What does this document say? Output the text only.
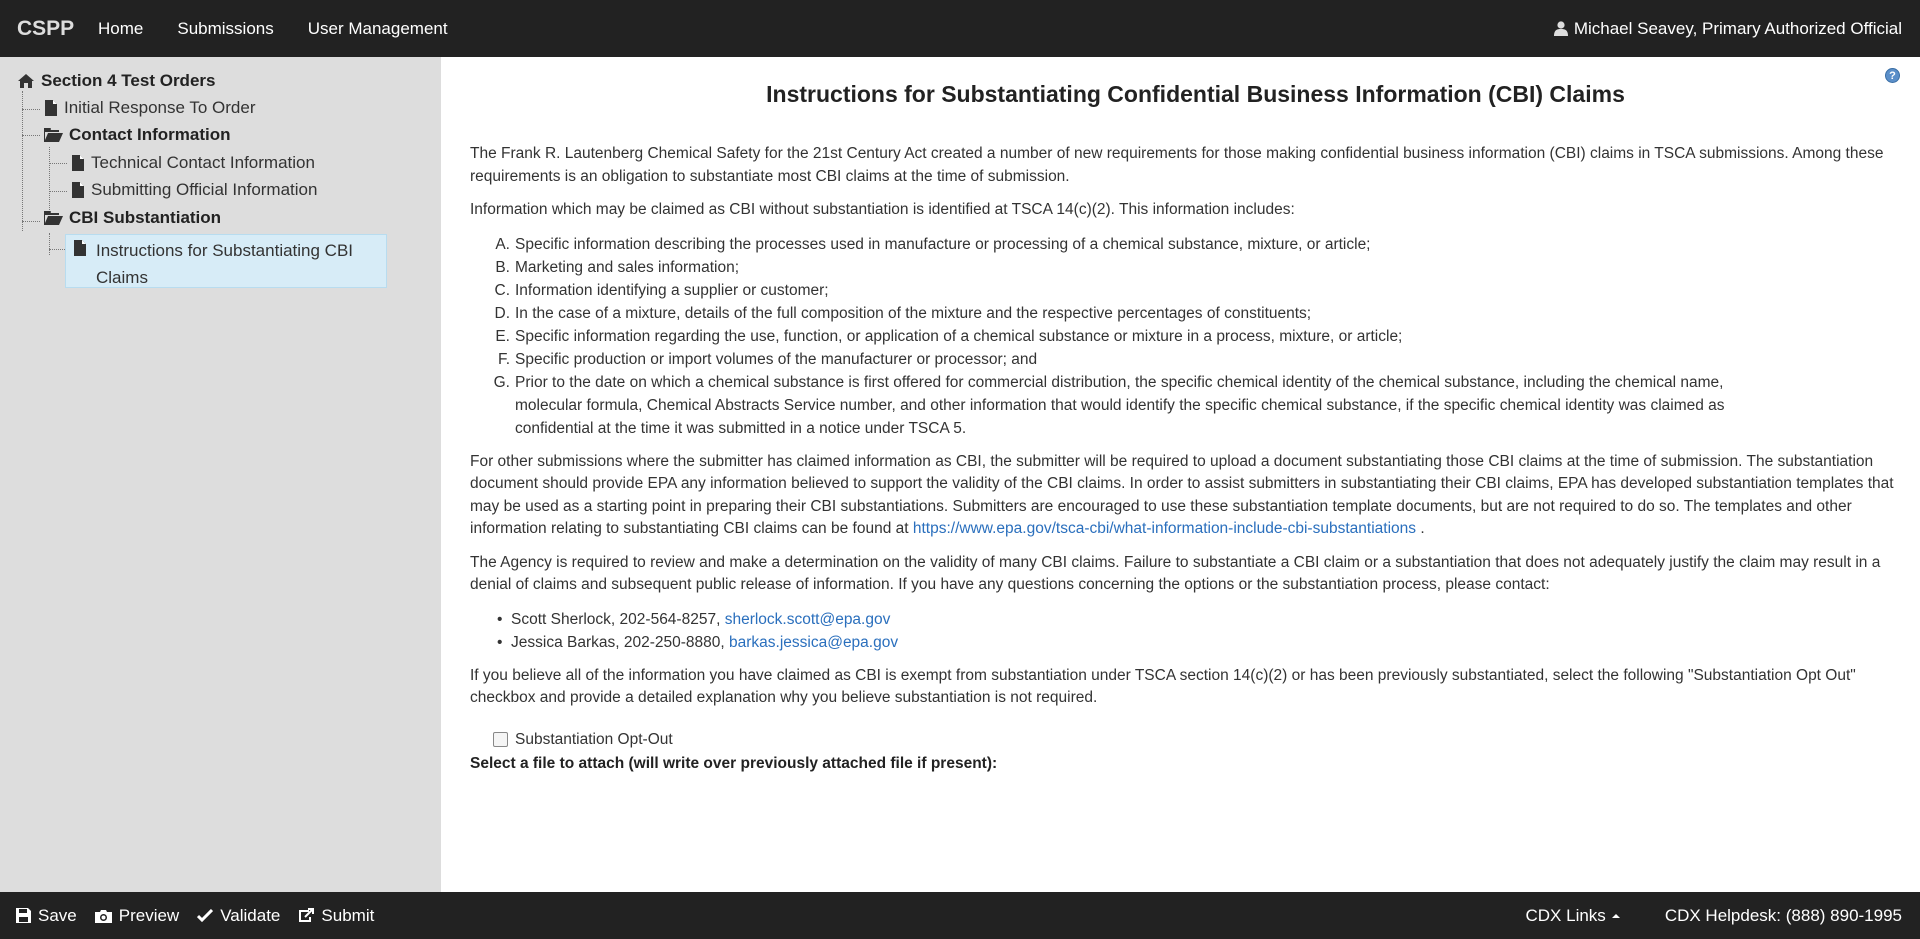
CSPP	Home Submissions User Management	Michael Seavey, Primary Authorized Official
Section 4 Test Orders
Initial Response To Order
Contact Information
Technical Contact Information
Submitting Official Information
CBI Substantiation
Instructions for Substantiating CBI
Claims
?
Instructions for Substantiating Confidential Business Information (CBI) Claims

The Frank R. Lautenberg Chemical Safety for the 21st Century Act created a number of new requirements for those making confidential business information (CBI) claims in TSCA submissions. Among these requirements is an obligation to substantiate most CBI claims at the time of submission.

Information which may be claimed as CBI without substantiation is identified at TSCA 14(c)(2). This information includes:

A. Specific information describing the processes used in manufacture or processing of a chemical substance, mixture, or article;
B. Marketing and sales information;
C. Information identifying a supplier or customer;
D. In the case of a mixture, details of the full composition of the mixture and the respective percentages of constituents;
E. Specific information regarding the use, function, or application of a chemical substance or mixture in a process, mixture, or article;
F. Specific production or import volumes of the manufacturer or processor; and
G. Prior to the date on which a chemical substance is first offered for commercial distribution, the specific chemical identity of the chemical substance, including the chemical name, molecular formula, Chemical Abstracts Service number, and other information that would identify the specific chemical substance, if the specific chemical identity was claimed as confidential at the time it was submitted in a notice under TSCA 5.

For other submissions where the submitter has claimed information as CBI, the submitter will be required to upload a document substantiating those CBI claims at the time of submission. The substantiation document should provide EPA any information believed to support the validity of the CBI claims. In order to assist submitters in substantiating their CBI claims, EPA has developed substantiation templates that may be used as a starting point in preparing their CBI substantiations. Submitters are encouraged to use these substantiation template documents, but are not required to do so. The templates and other information relating to substantiating CBI claims can be found at https://www.epa.gov/tsca-cbi/what-information-include-cbi-substantiations .

The Agency is required to review and make a determination on the validity of many CBI claims. Failure to substantiate a CBI claim or a substantiation that does not adequately justify the claim may result in a denial of claims and subsequent public release of information. If you have any questions concerning the options or the substantiation process, please contact:

• Scott Sherlock, 202-564-8257,
sherlock.scott@epa.gov
• Jessica Barkas, 202-250-8880,
barkas.jessica@epa.gov

If you believe all of the information you have claimed as CBI is exempt from substantiation under TSCA section 14(c)(2) or has been previously substantiated, select the following "Substantiation Opt Out" checkbox and provide a detailed explanation why you believe substantiation is not required.

Substantiation Opt-Out
Select a file to attach (will write over previously attached file if present):
Save Preview Validate Submit	CDX Links	CDX Helpdesk: (888) 890-1995
